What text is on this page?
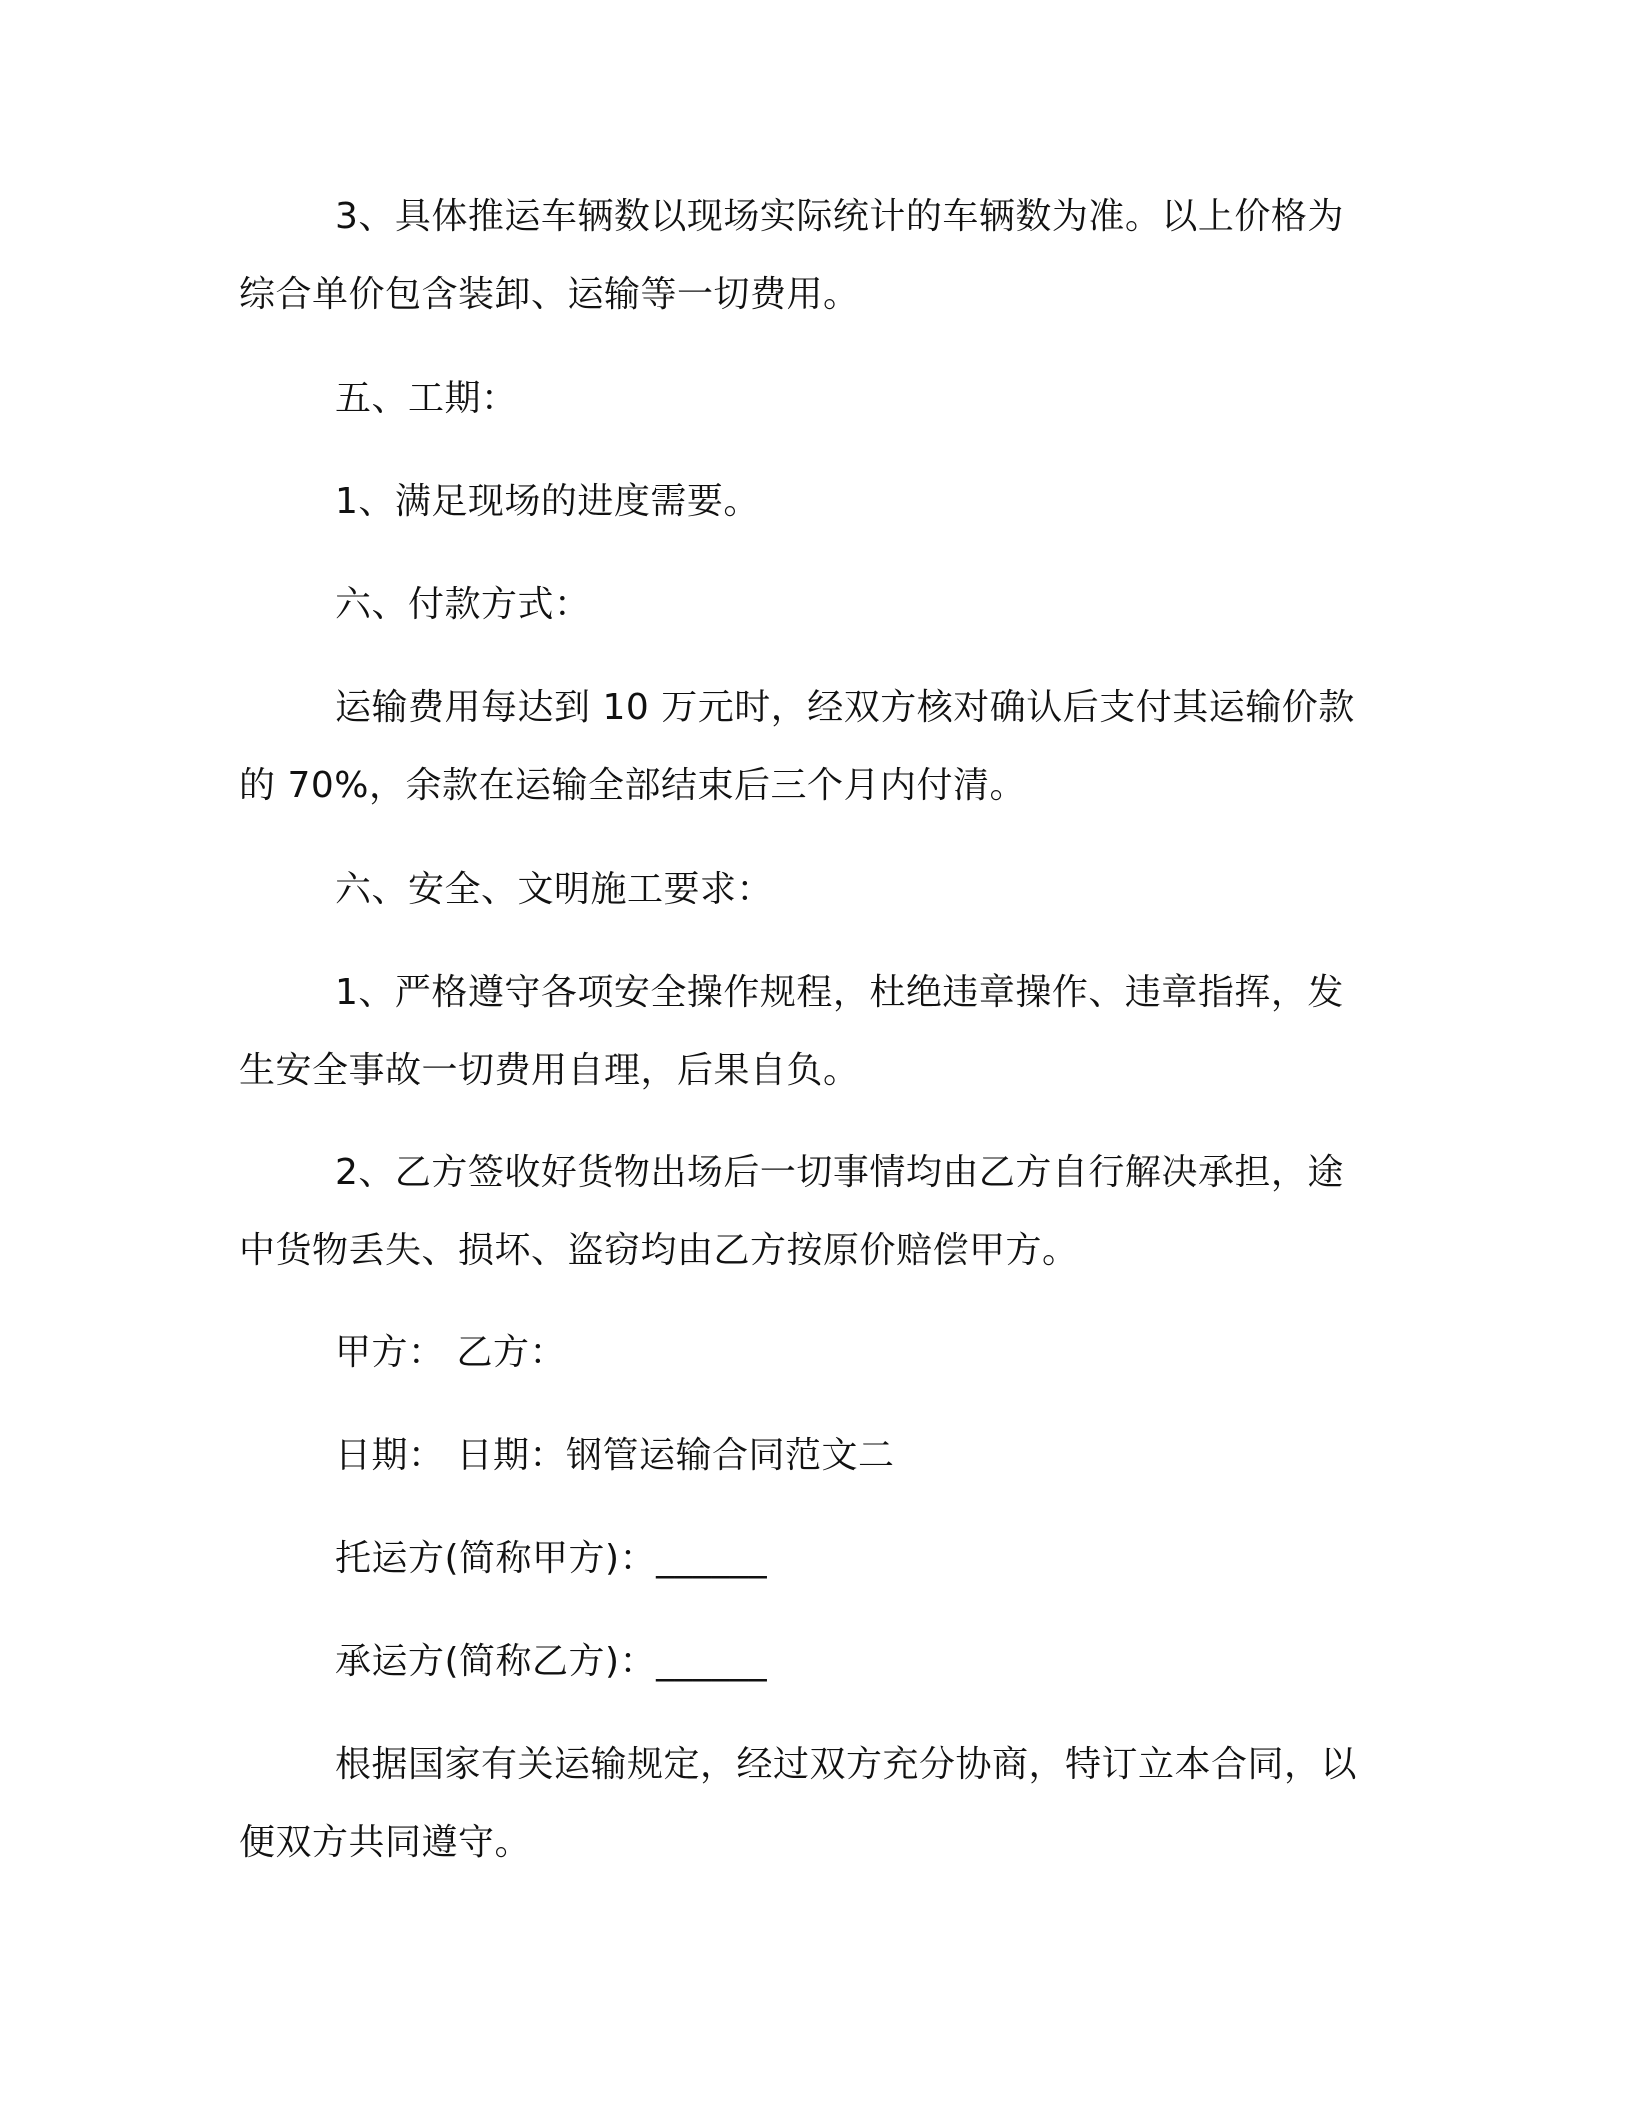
3、具体推运车辆数以现场实际统计的车辆数为准。以上价格为综合单价包含装卸、运输等一切费用。

五、工期：

1、满足现场的进度需要。

六、付款方式：

运输费用每达到 10 万元时，经双方核对确认后支付其运输价款的 70%，余款在运输全部结束后三个月内付清。

六、安全、文明施工要求：

1、严格遵守各项安全操作规程，杜绝违章操作、违章指挥，发生安全事故一切费用自理，后果自负。

2、乙方签收好货物出场后一切事情均由乙方自行解决承担，途中货物丢失、损坏、盗窃均由乙方按原价赔偿甲方。

甲方： 乙方：

日期： 日期：钢管运输合同范文二

托运方(简称甲方)：______

承运方(简称乙方)：______

根据国家有关运输规定，经过双方充分协商，特订立本合同，以便双方共同遵守。
